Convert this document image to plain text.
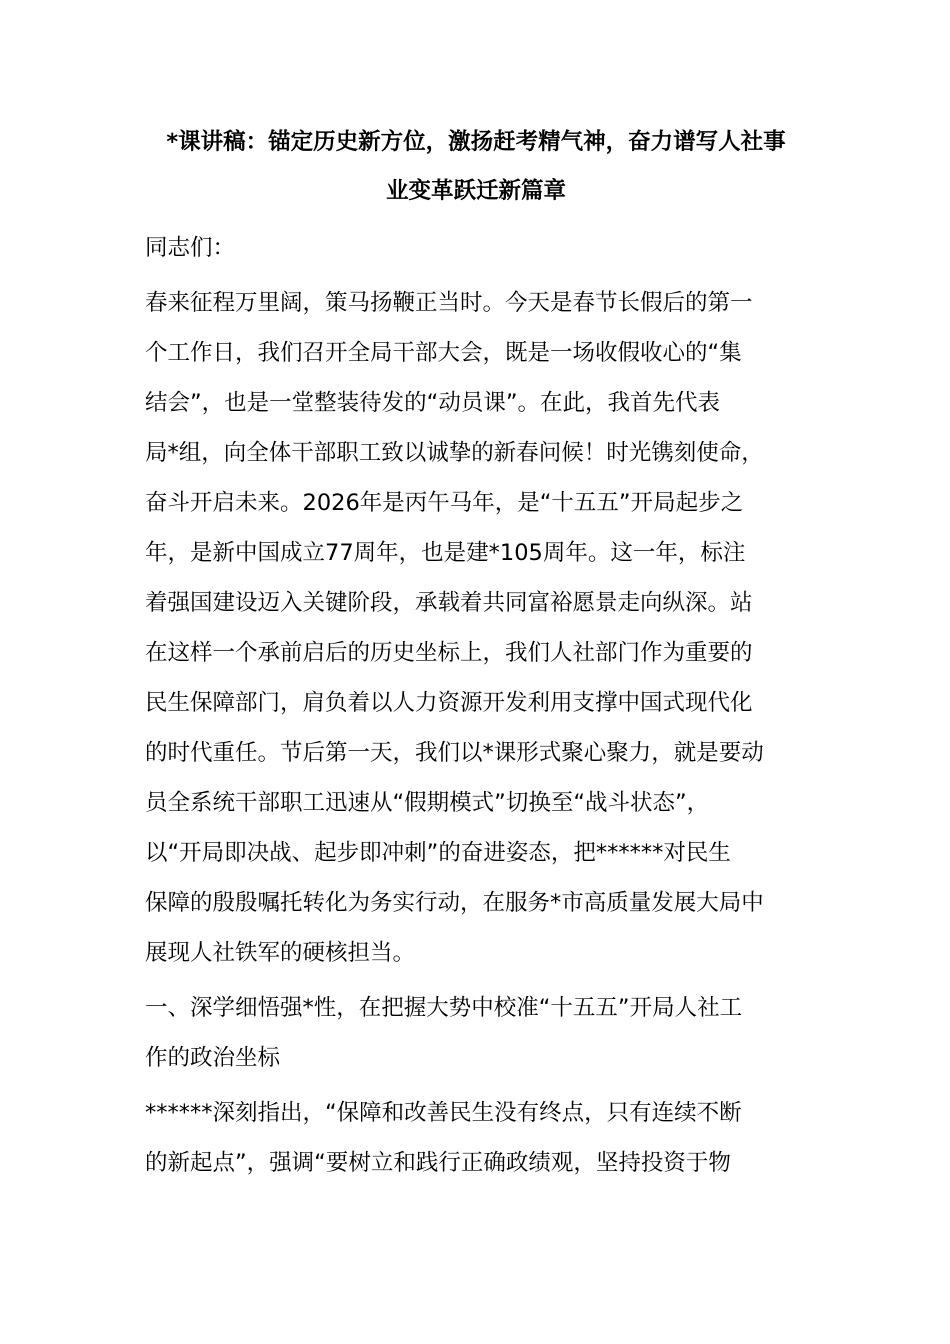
*课讲稿：锚定历史新方位，激扬赶考精气神，奋力谱写人社事
业变革跃迁新篇章
同志们：
春来征程万里阔，策马扬鞭正当时。今天是春节长假后的第一
个工作日，我们召开全局干部大会，既是一场收假收心的“集
结会”，也是一堂整装待发的“动员课”。在此，我首先代表
局*组，向全体干部职工致以诚挚的新春问候！时光镌刻使命，
奋斗开启未来。2026年是丙午马年，是“十五五”开局起步之
年，是新中国成立77周年，也是建*105周年。这一年，标注
着强国建设迈入关键阶段，承载着共同富裕愿景走向纵深。站
在这样一个承前启后的历史坐标上，我们人社部门作为重要的
民生保障部门，肩负着以人力资源开发利用支撑中国式现代化
的时代重任。节后第一天，我们以*课形式聚心聚力，就是要动
员全系统干部职工迅速从“假期模式”切换至“战斗状态”，
以“开局即决战、起步即冲刺”的奋进姿态，把******对民生
保障的殷殷嘱托转化为务实行动，在服务*市高质量发展大局中
展现人社铁军的硬核担当。
一、深学细悟强*性，在把握大势中校准“十五五”开局人社工
作的政治坐标
******深刻指出，“保障和改善民生没有终点，只有连续不断
的新起点”，强调“要树立和践行正确政绩观，坚持投资于物
